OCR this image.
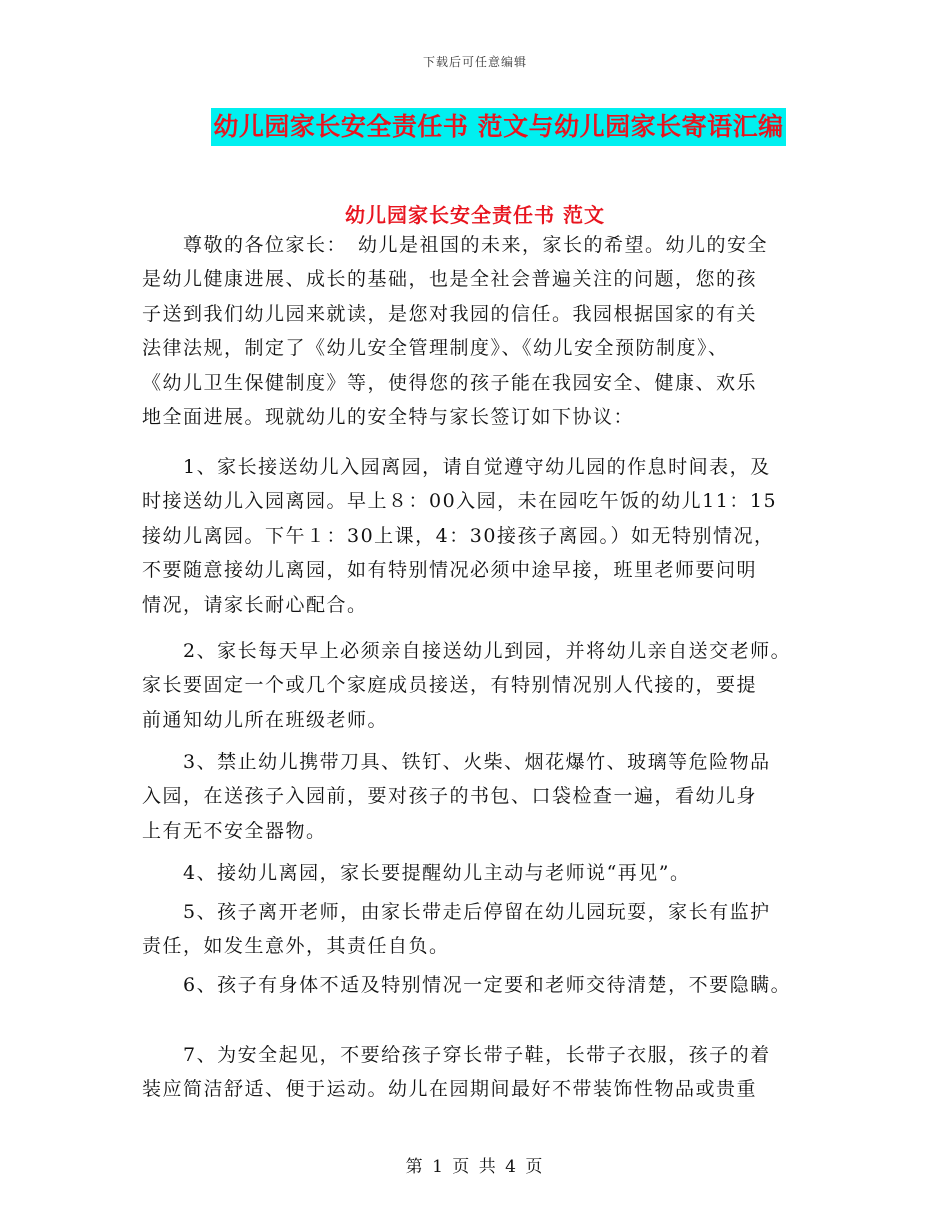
下载后可任意编辑
幼儿园家长安全责任书 范文与幼儿园家长寄语汇编
幼儿园家长安全责任书 范文
　　尊敬的各位家长：　幼儿是祖国的未来，家长的希望。幼儿的安全
是幼儿健康进展、成长的基础，也是全社会普遍关注的问题，您的孩
子送到我们幼儿园来就读，是您对我园的信任。我园根据国家的有关
法律法规，制定了《幼儿安全管理制度》、《幼儿安全预防制度》、
《幼儿卫生保健制度》等，使得您的孩子能在我园安全、健康、欢乐
地全面进展。现就幼儿的安全特与家长签订如下协议：
　　1、家长接送幼儿入园离园，请自觉遵守幼儿园的作息时间表，及
时接送幼儿入园离园。早上８：00入园，未在园吃午饭的幼儿11：15
接幼儿离园。下午１：30上课，4：30接孩子离园。）如无特别情况，
不要随意接幼儿离园，如有特别情况必须中途早接，班里老师要问明
情况，请家长耐心配合。
　　2、家长每天早上必须亲自接送幼儿到园，并将幼儿亲自送交老师。
家长要固定一个或几个家庭成员接送，有特别情况别人代接的，要提
前通知幼儿所在班级老师。
　　3、禁止幼儿携带刀具、铁钉、火柴、烟花爆竹、玻璃等危险物品
入园，在送孩子入园前，要对孩子的书包、口袋检查一遍，看幼儿身
上有无不安全器物。
　　4、接幼儿离园，家长要提醒幼儿主动与老师说“再见”。
　　5、孩子离开老师，由家长带走后停留在幼儿园玩耍，家长有监护
责任，如发生意外，其责任自负。
　　6、孩子有身体不适及特别情况一定要和老师交待清楚，不要隐瞒。
　　7、为安全起见，不要给孩子穿长带子鞋，长带子衣服，孩子的着
装应简洁舒适、便于运动。幼儿在园期间最好不带装饰性物品或贵重
第 1 页 共 4 页
